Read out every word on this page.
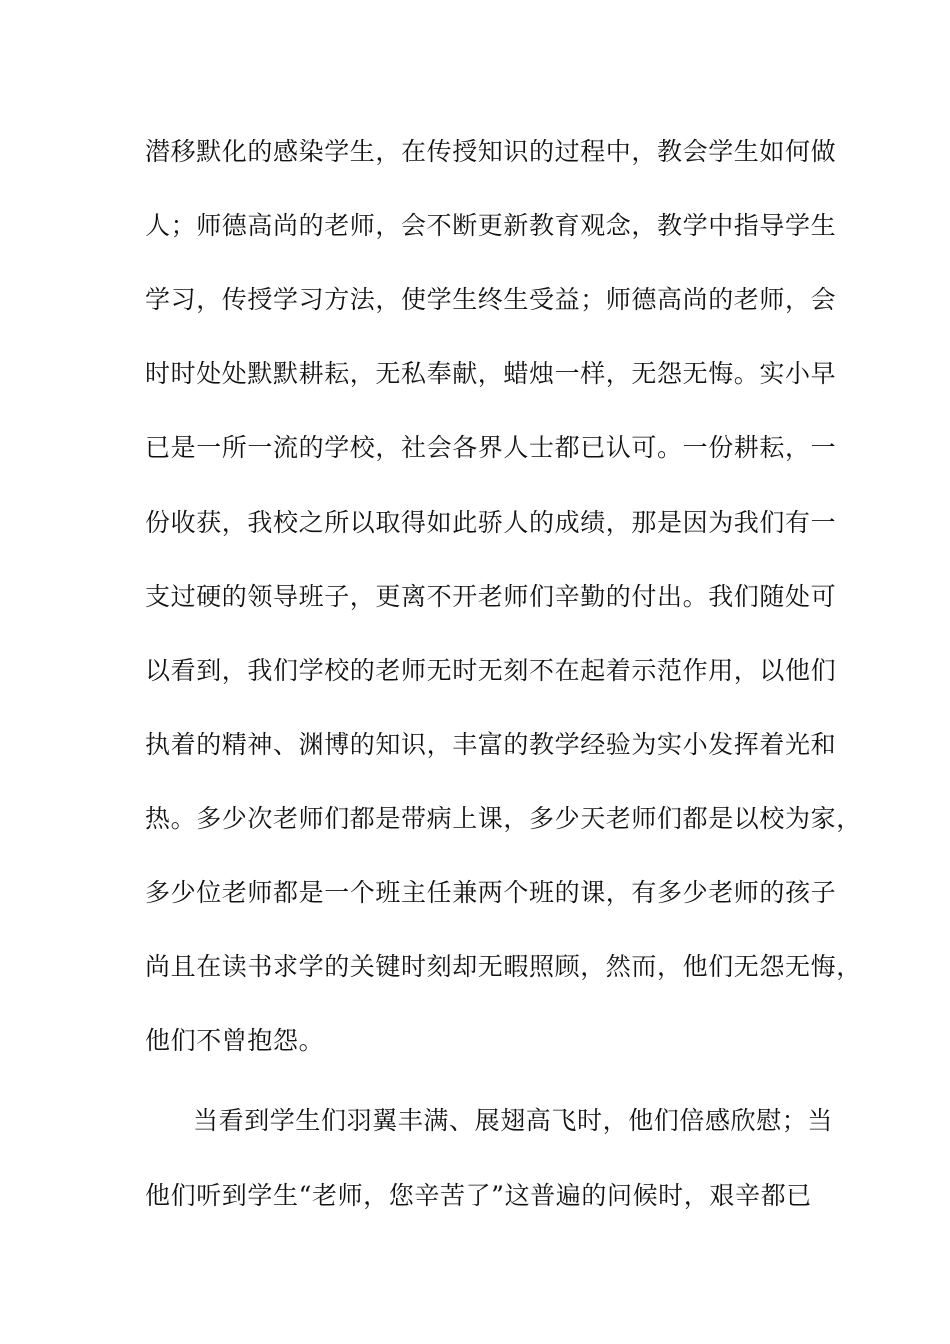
潜移默化的感染学生，在传授知识的过程中，教会学生如何做
人；师德高尚的老师，会不断更新教育观念，教学中指导学生
学习，传授学习方法，使学生终生受益；师德高尚的老师，会
时时处处默默耕耘，无私奉献，蜡烛一样，无怨无悔。实小早
已是一所一流的学校，社会各界人士都已认可。一份耕耘，一
份收获，我校之所以取得如此骄人的成绩，那是因为我们有一
支过硬的领导班子，更离不开老师们辛勤的付出。我们随处可
以看到，我们学校的老师无时无刻不在起着示范作用，以他们
执着的精神、渊博的知识，丰富的教学经验为实小发挥着光和
热。多少次老师们都是带病上课，多少天老师们都是以校为家，
多少位老师都是一个班主任兼两个班的课，有多少老师的孩子
尚且在读书求学的关键时刻却无暇照顾，然而，他们无怨无悔，
他们不曾抱怨。
当看到学生们羽翼丰满、展翅高飞时，他们倍感欣慰；当
他们听到学生“老师，您辛苦了”这普遍的问候时，艰辛都已
